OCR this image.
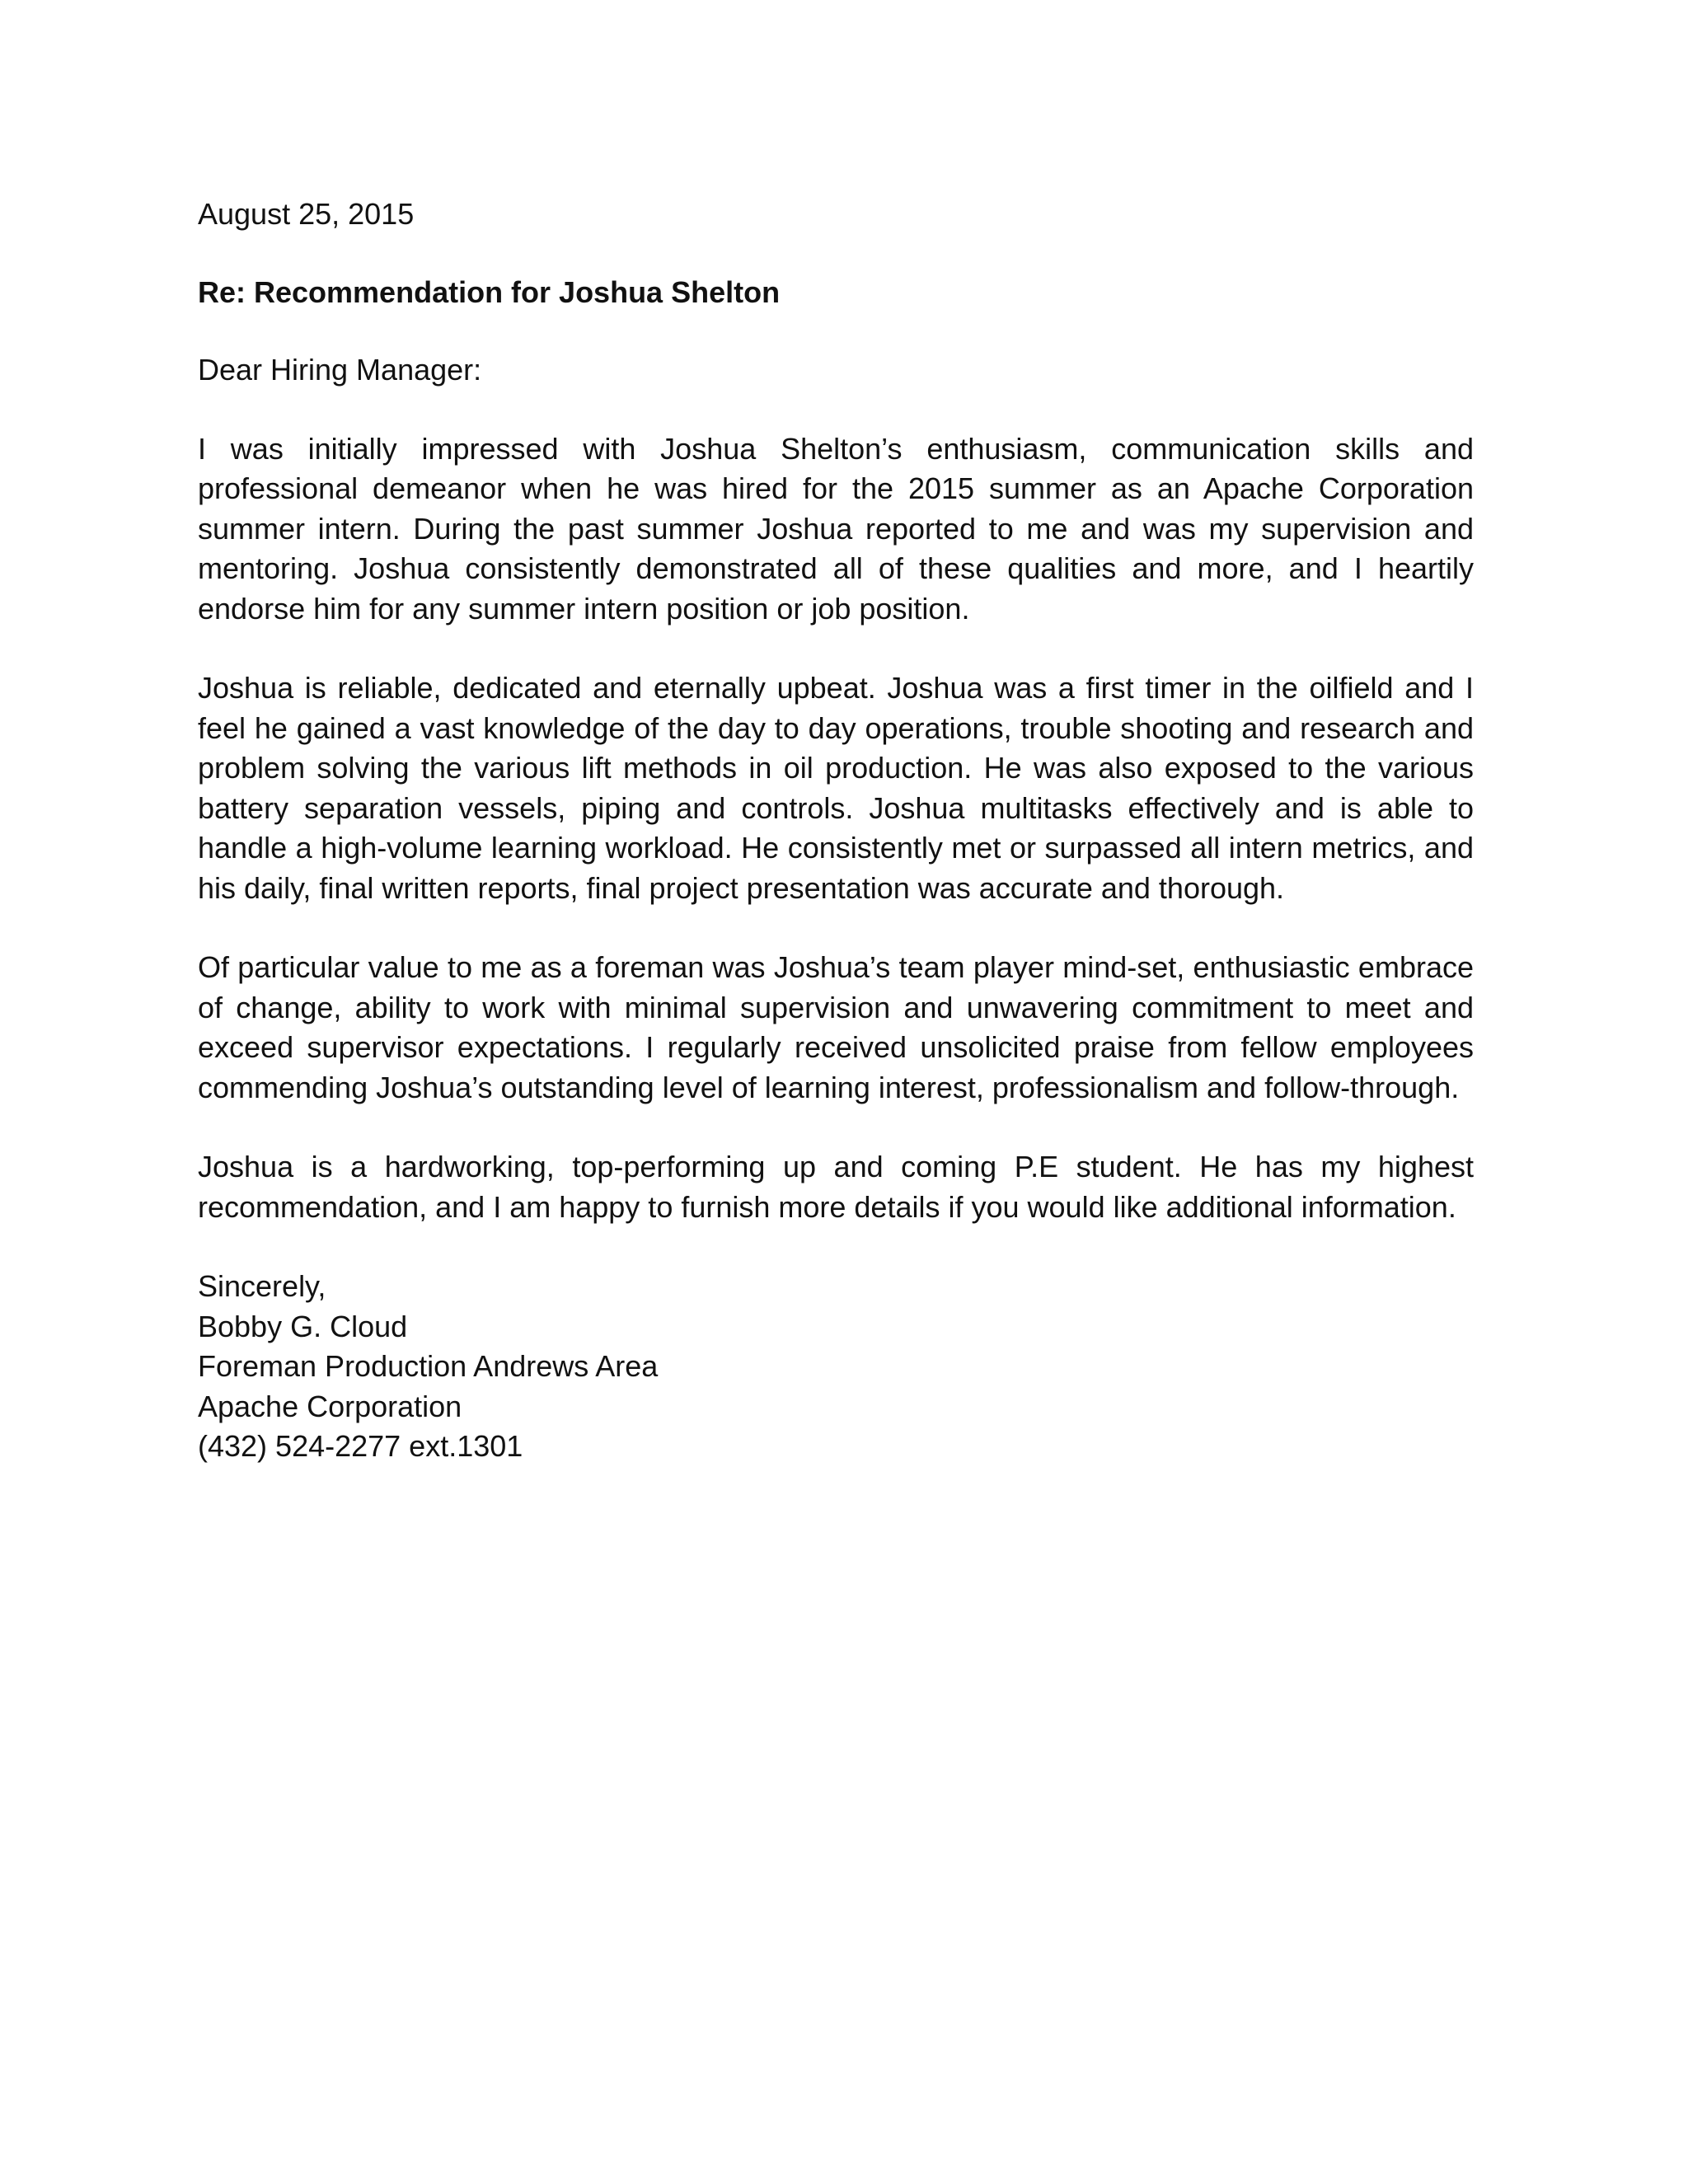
August 25, 2015

Re: Recommendation for Joshua Shelton

Dear Hiring Manager:

I was initially impressed with Joshua Shelton’s enthusiasm, communication skills and professional demeanor when he was hired for the 2015 summer as an Apache Corporation summer intern. During the past summer Joshua reported to me and was my supervision and mentoring. Joshua consistently demonstrated all of these qualities and more, and I heartily endorse him for any summer intern position or job position.

Joshua is reliable, dedicated and eternally upbeat. Joshua was a first timer in the oilfield and I feel he gained a vast knowledge of the day to day operations, trouble shooting and research and problem solving the various lift methods in oil production. He was also exposed to the various battery separation vessels, piping and controls. Joshua multitasks effectively and is able to handle a high-volume learning workload. He consistently met or surpassed all intern metrics, and his daily, final written reports, final project presentation was accurate and thorough.

Of particular value to me as a foreman was Joshua’s team player mind-set, enthusiastic embrace of change, ability to work with minimal supervision and unwavering commitment to meet and exceed supervisor expectations. I regularly received unsolicited praise from fellow employees commending Joshua’s outstanding level of learning interest, professionalism and follow-through.

Joshua is a hardworking, top-performing up and coming P.E student. He has my highest recommendation, and I am happy to furnish more details if you would like additional information.

Sincerely,
Bobby G. Cloud
Foreman Production Andrews Area
Apache Corporation
(432) 524-2277 ext.1301
